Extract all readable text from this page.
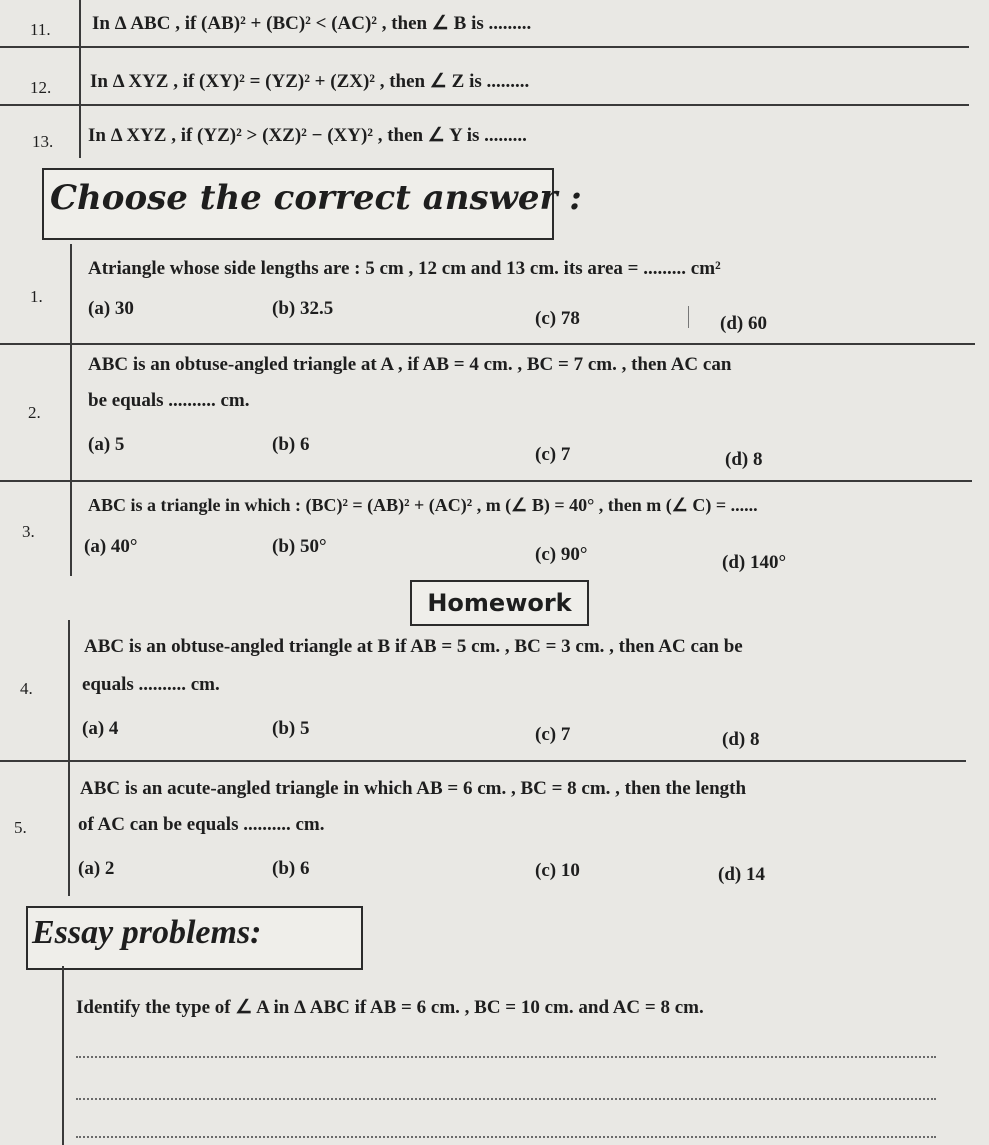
11. In Δ ABC , if (AB)² + (BC)² < (AC)² , then ∠ B is .........
12. In Δ XYZ , if (XY)² = (YZ)² + (ZX)² , then ∠ Z is .........
13. In Δ XYZ , if (YZ)² > (XZ)² − (XY)² , then ∠ Y is .........
Choose the correct answer :
1.
Atriangle whose side lengths are : 5 cm , 12 cm and 13 cm. its area = ......... cm²
(a) 30	(b) 32.5	(c) 78	(d) 60
2.
ABC is an obtuse-angled triangle at A , if AB = 4 cm. , BC = 7 cm. , then AC can
be equals .......... cm.
(a) 5	(b) 6	(c) 7	(d) 8
3.
ABC is a triangle in which : (BC)² = (AB)² + (AC)² , m (∠ B) = 40° , then m (∠ C) = ......
(a) 40°	(b) 50°	(c) 90°	(d) 140°
Homework
4.
ABC is an obtuse-angled triangle at B if AB = 5 cm. , BC = 3 cm. , then AC can be
equals .......... cm.
(a) 4	(b) 5	(c) 7	(d) 8
5.
ABC is an acute-angled triangle in which AB = 6 cm. , BC = 8 cm. , then the length
of AC can be equals .......... cm.
(a) 2	(b) 6	(c) 10	(d) 14
Essay problems:
Identify the type of ∠ A in Δ ABC if AB = 6 cm. , BC = 10 cm. and AC = 8 cm.
